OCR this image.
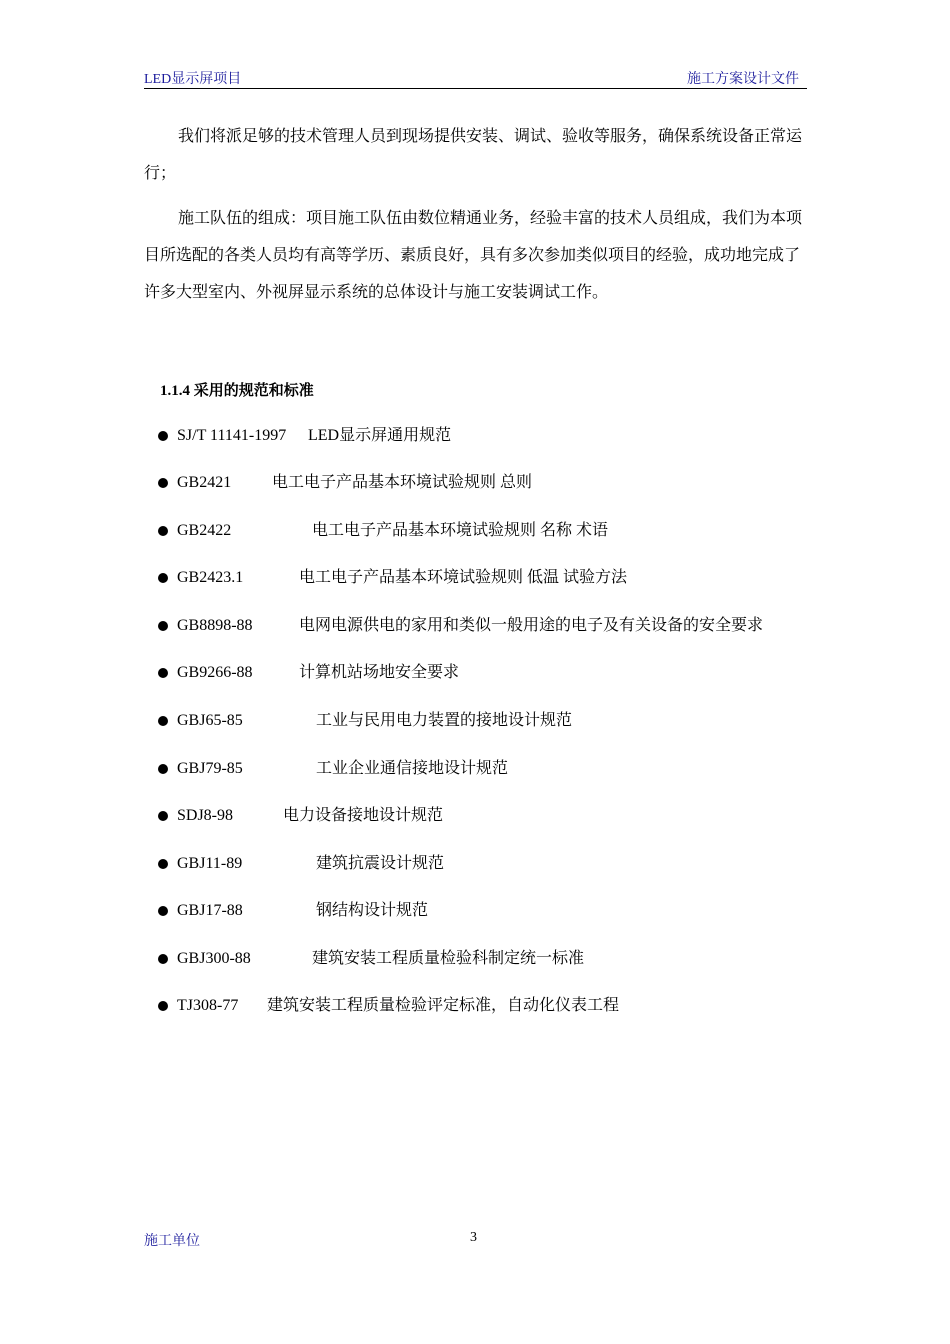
LED显示屏项目	施工方案设计文件

我们将派足够的技术管理人员到现场提供安装、调试、验收等服务，确保系统设备正常运行；

施工队伍的组成：项目施工队伍由数位精通业务，经验丰富的技术人员组成，我们为本项目所选配的各类人员均有高等学历、素质良好，具有多次参加类似项目的经验，成功地完成了许多大型室内、外视屏显示系统的总体设计与施工安装调试工作。

1.1.4 采用的规范和标准
SJ/T 11141-1997 LED显示屏通用规范
GB2421	电工电子产品基本环境试验规则 总则
GB2422	电工电子产品基本环境试验规则 名称 术语
GB2423.1	电工电子产品基本环境试验规则 低温 试验方法
GB8898-88	电网电源供电的家用和类似一般用途的电子及有关设备的安全要求
GB9266-88	计算机站场地安全要求
GBJ65-85	工业与民用电力装置的接地设计规范
GBJ79-85	工业企业通信接地设计规范
SDJ8-98	电力设备接地设计规范
GBJ11-89	建筑抗震设计规范
GBJ17-88	钢结构设计规范
GBJ300-88	建筑安装工程质量检验科制定统一标准
TJ308-77 建筑安装工程质量检验评定标准，自动化仪表工程
施工单位	3
